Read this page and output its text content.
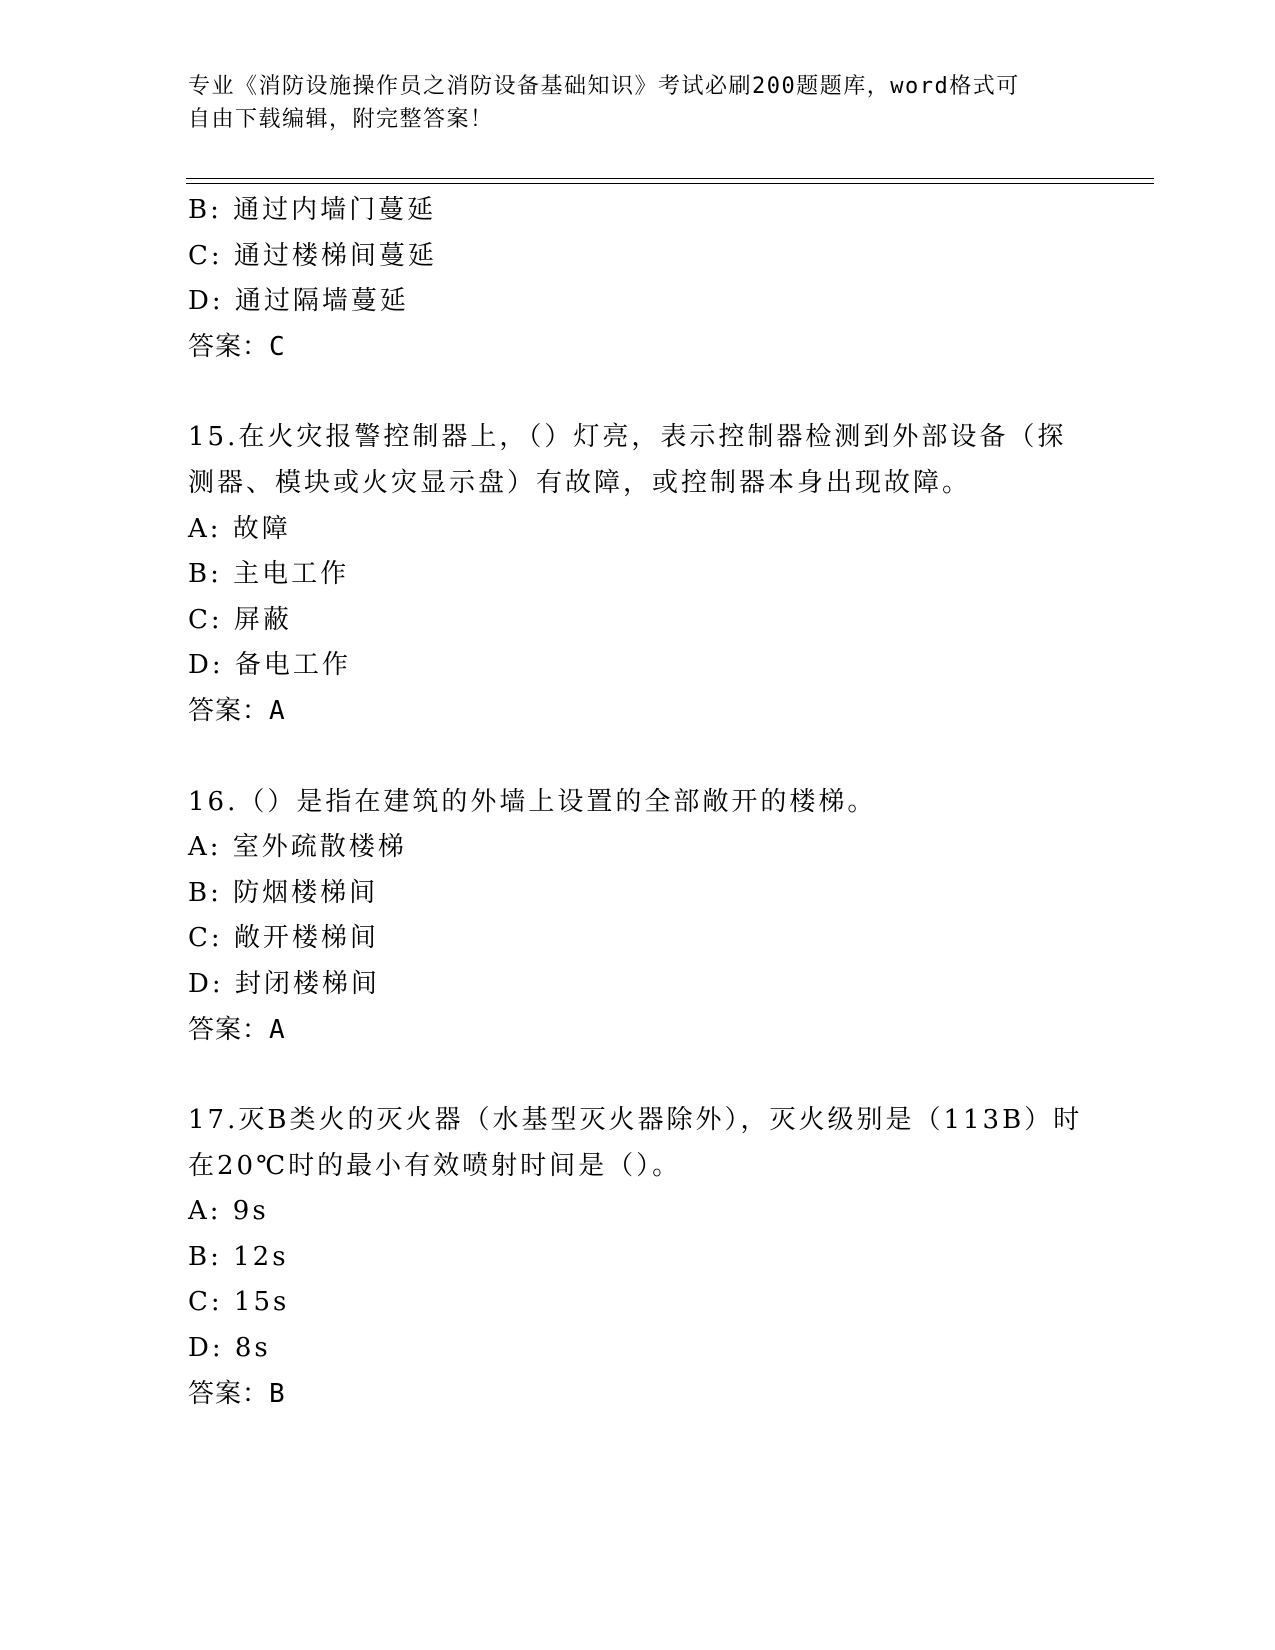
专业《消防设施操作员之消防设备基础知识》考试必刷200题题库，word格式可
自由下载编辑，附完整答案！
B: 通过内墙门蔓延
C: 通过楼梯间蔓延
D: 通过隔墙蔓延
答案：C
15.在火灾报警控制器上，（）灯亮，表示控制器检测到外部设备（探
测器、模块或火灾显示盘）有故障，或控制器本身出现故障。
A: 故障
B: 主电工作
C: 屏蔽
D: 备电工作
答案：A
16.（）是指在建筑的外墙上设置的全部敞开的楼梯。
A: 室外疏散楼梯
B: 防烟楼梯间
C: 敞开楼梯间
D: 封闭楼梯间
答案：A
17.灭B类火的灭火器（水基型灭火器除外），灭火级别是（113B）时
在20℃时的最小有效喷射时间是（）。
A: 9s
B: 12s
C: 15s
D: 8s
答案：B
